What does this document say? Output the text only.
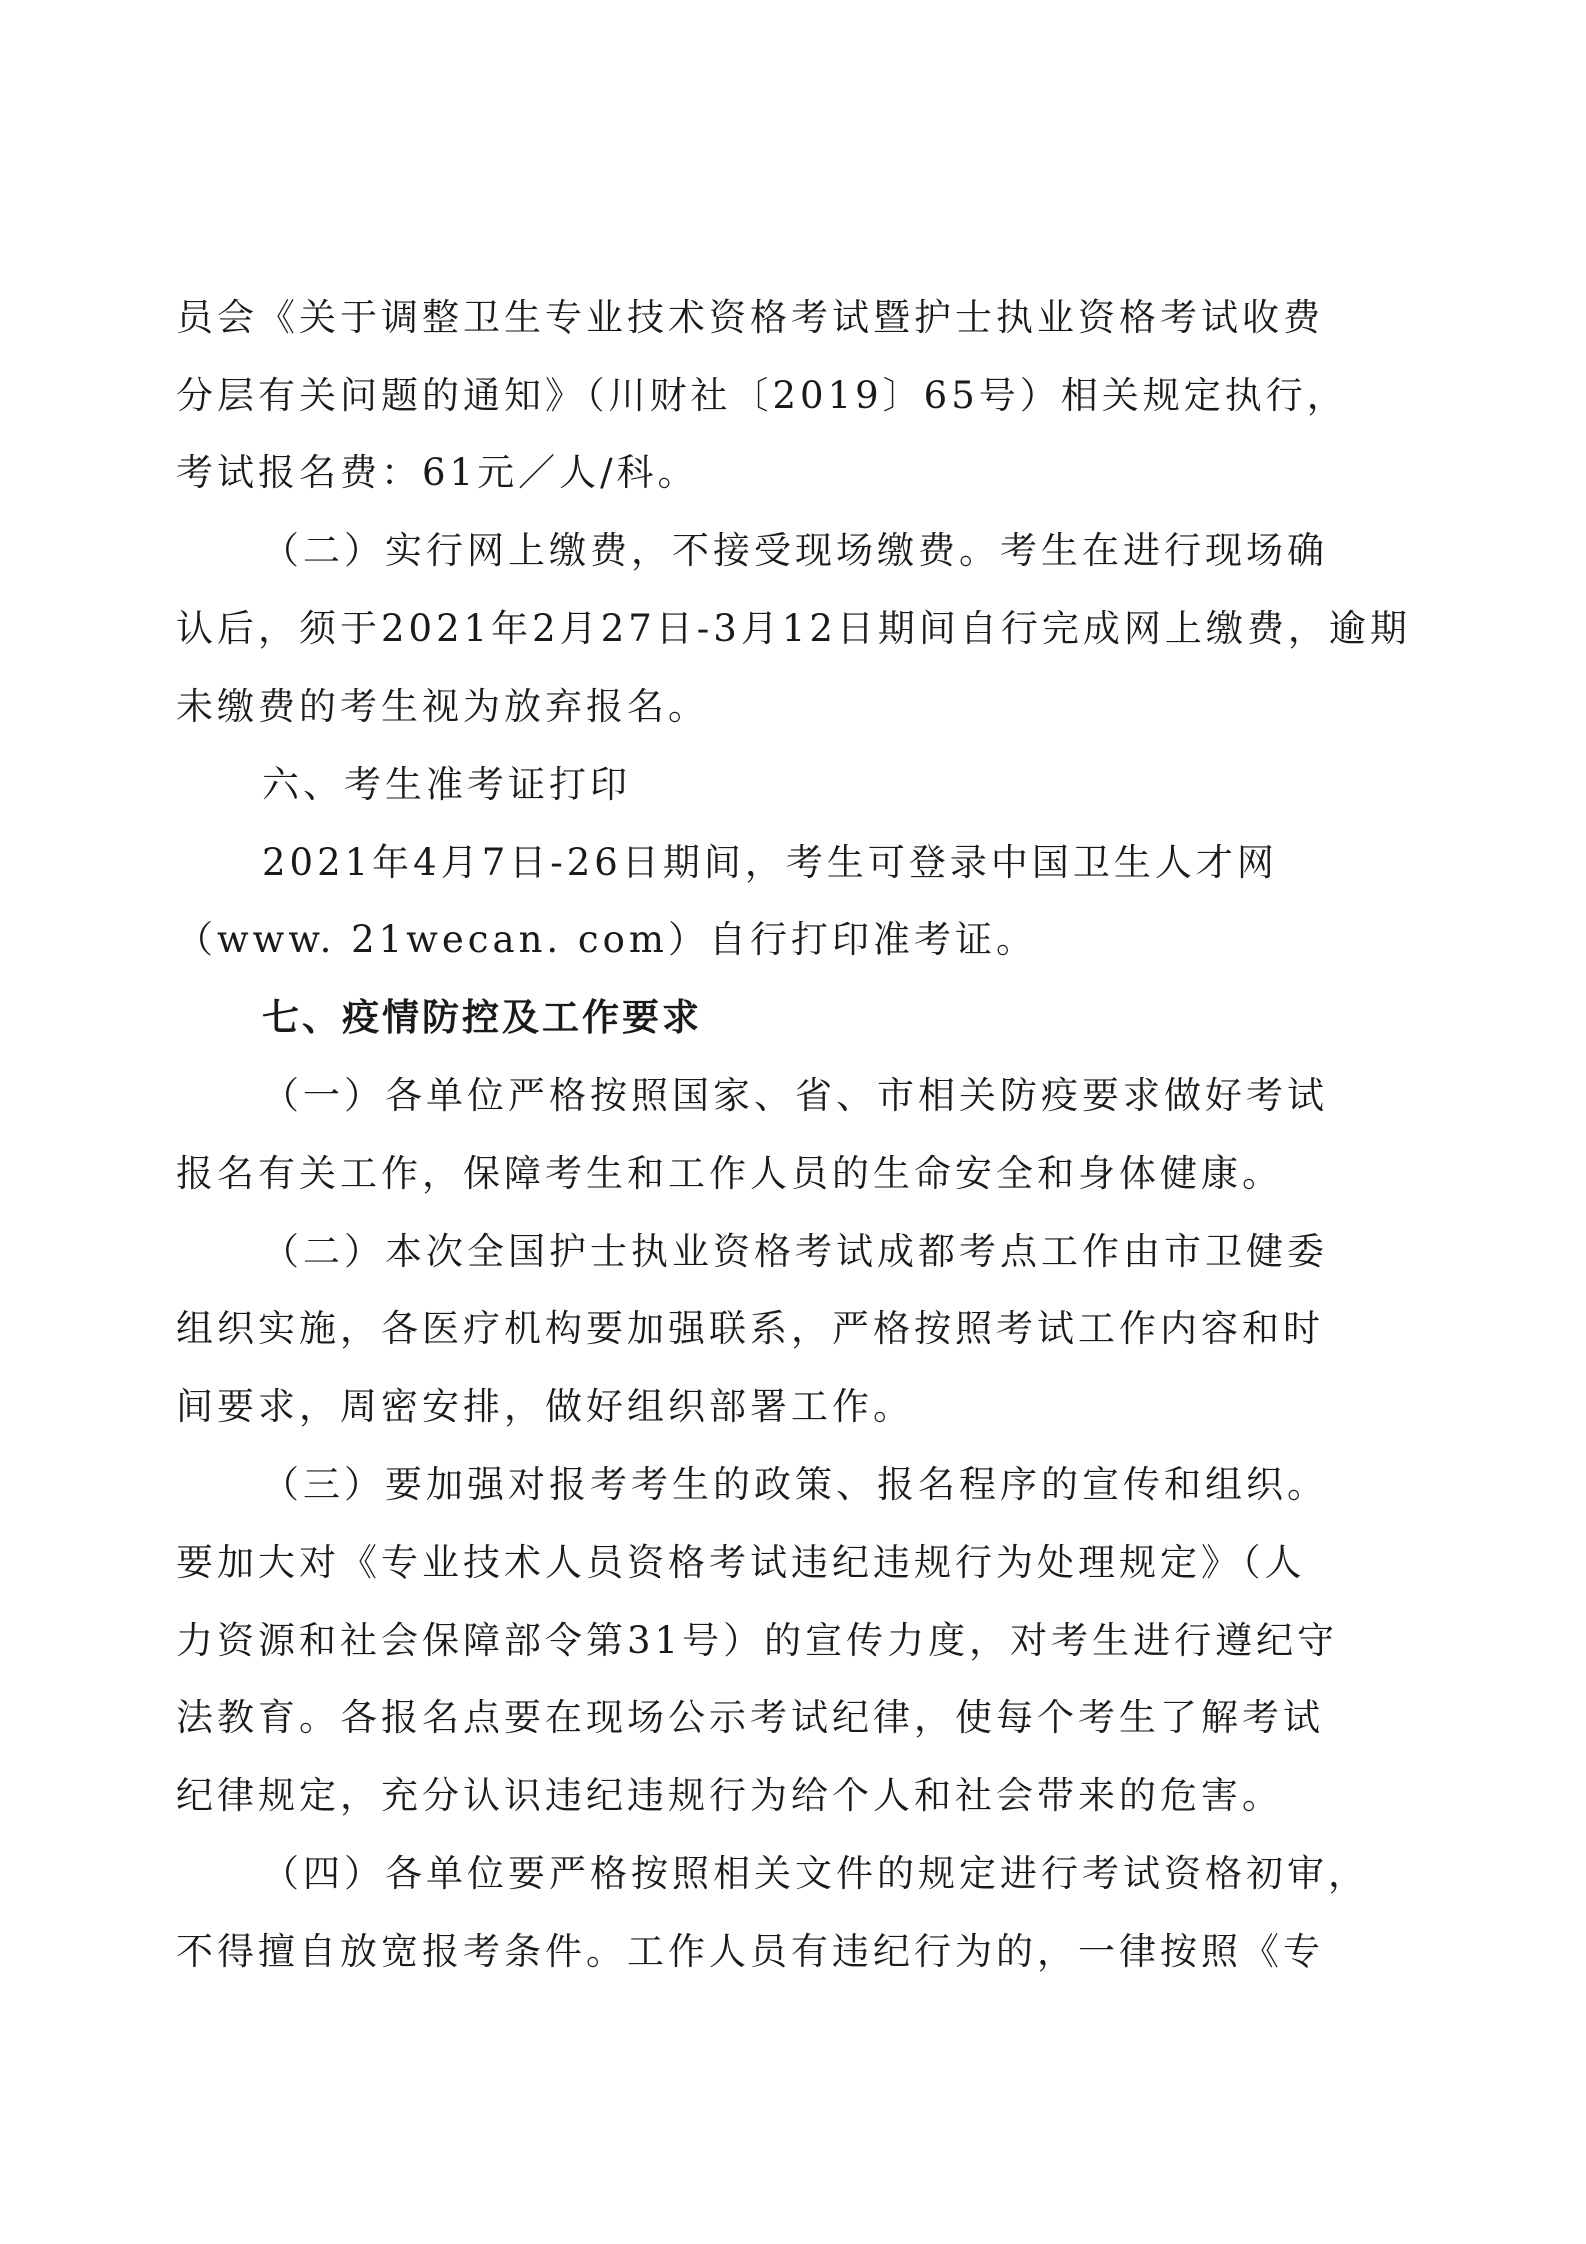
员会《关于调整卫生专业技术资格考试暨护士执业资格考试收费
分层有关问题的通知》（川财社〔2019〕65号）相关规定执行，
考试报名费：61元／人/科。
（二）实行网上缴费，不接受现场缴费。考生在进行现场确
认后，须于2021年2月27日-3月12日期间自行完成网上缴费，逾期
未缴费的考生视为放弃报名。
六、考生准考证打印
2021年4月7日-26日期间，考生可登录中国卫生人才网
（www. 21wecan. com）自行打印准考证。
七、疫情防控及工作要求
（一）各单位严格按照国家、省、市相关防疫要求做好考试
报名有关工作，保障考生和工作人员的生命安全和身体健康。
（二）本次全国护士执业资格考试成都考点工作由市卫健委
组织实施，各医疗机构要加强联系，严格按照考试工作内容和时
间要求，周密安排，做好组织部署工作。
（三）要加强对报考考生的政策、报名程序的宣传和组织。
要加大对《专业技术人员资格考试违纪违规行为处理规定》（人
力资源和社会保障部令第31号）的宣传力度，对考生进行遵纪守
法教育。各报名点要在现场公示考试纪律，使每个考生了解考试
纪律规定，充分认识违纪违规行为给个人和社会带来的危害。
（四）各单位要严格按照相关文件的规定进行考试资格初审，
不得擅自放宽报考条件。工作人员有违纪行为的，一律按照《专
